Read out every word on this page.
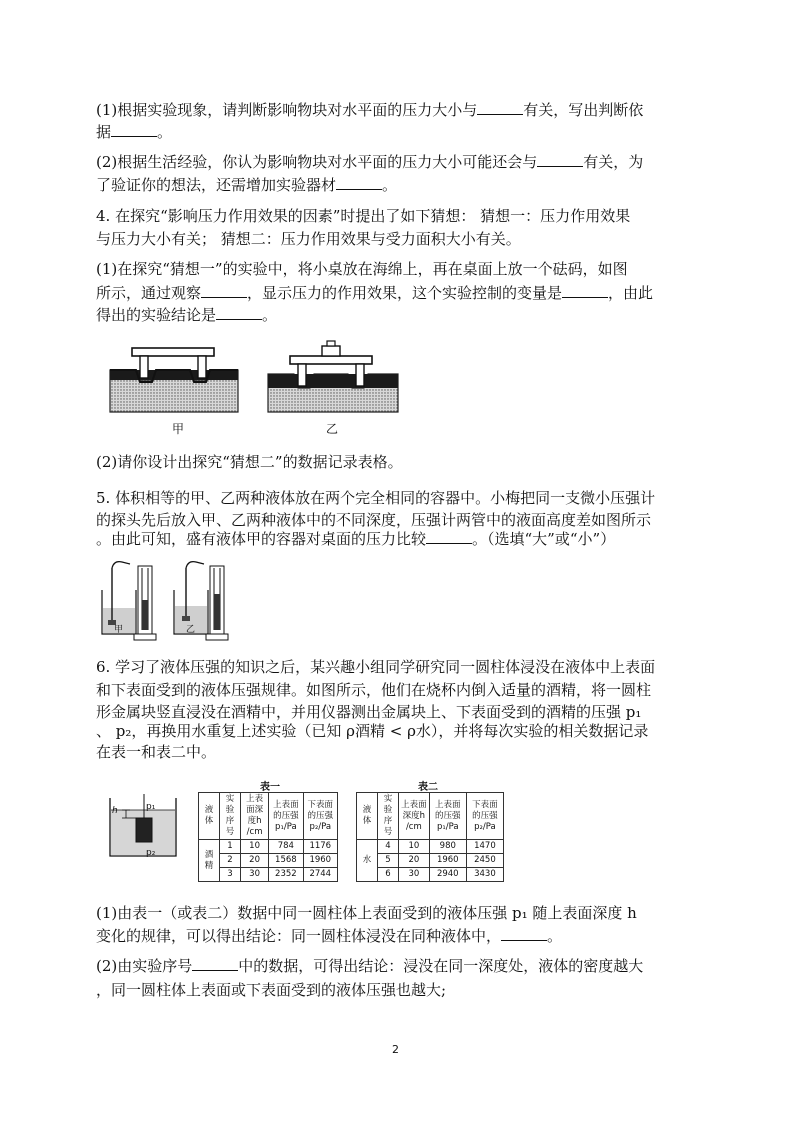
(1)根据实验现象，请判断影响物块对水平面的压力大小与	有关，写出判断依
据	。
(2)根据生活经验，你认为影响物块对水平面的压力大小可能还会与	有关，为
了验证你的想法，还需增加实验器材	。
4. 在探究“影响压力作用效果的因素”时提出了如下猜想： 猜想一：压力作用效果
与压力大小有关； 猜想二：压力作用效果与受力面积大小有关。
(1)在探究“猜想一”的实验中，将小桌放在海绵上，再在桌面上放一个砝码，如图
所示，通过观察	，显示压力的作用效果，这个实验控制的变量是	，由此
得出的实验结论是	。
甲	乙
(2)请你设计出探究“猜想二”的数据记录表格。
5. 体积相等的甲、乙两种液体放在两个完全相同的容器中。小梅把同一支微小压强计
的探头先后放入甲、乙两种液体中的不同深度，压强计两管中的液面高度差如图所示
。由此可知，盛有液体甲的容器对桌面的压力比较	。（选填“大”或“小”）
甲	乙
6. 学习了液体压强的知识之后，某兴趣小组同学研究同一圆柱体浸没在液体中上表面
和下表面受到的液体压强规律。如图所示，他们在烧杯内倒入适量的酒精，将一圆柱
形金属块竖直浸没在酒精中，并用仪器测出金属块上、下表面受到的酒精的压强 p₁
、 p₂，再换用水重复上述实验（已知 ρ酒精 < ρ水），并将每次实验的相关数据记录
在表一和表二中。
h	p₁
p₂
表一
液体	实验序号	上表面深度h /cm	上表面的压强 p₁/Pa	下表面的压强 p₂/Pa
酒精	1	10	784	1176
	2	20	1568	1960
	3	30	2352	2744
表二
液体	实验序号	上表面深度h /cm	上表面的压强 p₁/Pa	下表面的压强 p₂/Pa
水	4	10	980	1470
	5	20	1960	2450
	6	30	2940	3430
(1)由表一（或表二）数据中同一圆柱体上表面受到的液体压强 p₁ 随上表面深度 h
变化的规律，可以得出结论：同一圆柱体浸没在同种液体中，	。
(2)由实验序号	中的数据，可得出结论：浸没在同一深度处，液体的密度越大
，同一圆柱体上表面或下表面受到的液体压强也越大;
2
